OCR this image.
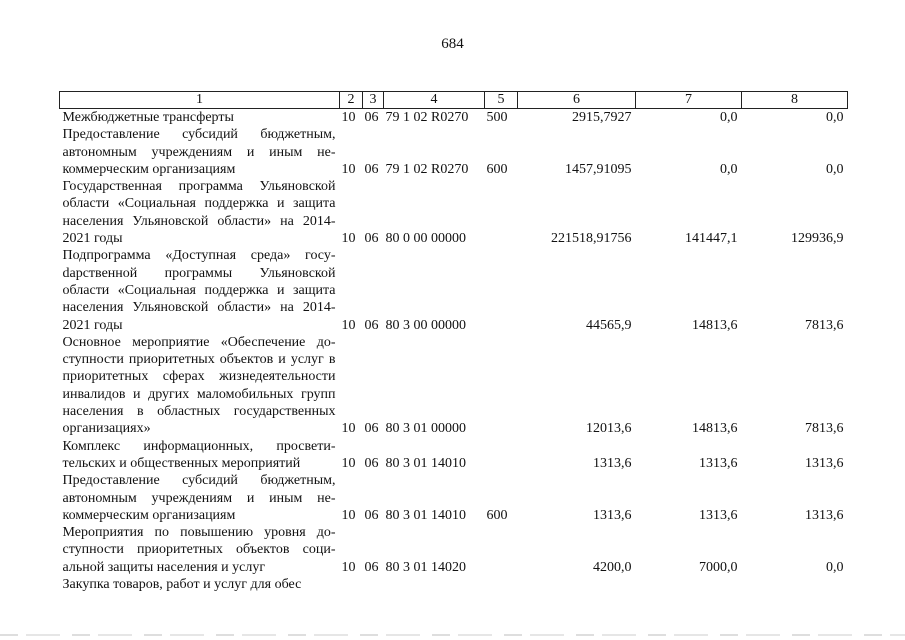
684
1	2	3	4	5	6	7	8
Межбюджетные трансферты	10	06	79 1 02 R0270	500	2915,7927	0,0	0,0
Предоставление субсидий бюджетным, автономным учреждениям и иным некоммерческим организациям	10	06	79 1 02 R0270	600	1457,91095	0,0	0,0
Государственная программа Ульяновской области «Социальная поддержка и защита населения Ульяновской области» на 2014-2021 годы	10	06	80 0 00 00000		221518,91756	141447,1	129936,9
Подпрограмма «Доступная среда» госуdарственной программы Ульяновской области «Социальная поддержка и защита населения Ульяновской области» на 2014-2021 годы	10	06	80 3 00 00000		44565,9	14813,6	7813,6
Основное мероприятие «Обеспечение доступности приоритетных объектов и услуг в приоритетных сферах жизнедеятельности инвалидов и других маломобильных групп населения в областных государственных организациях»	10	06	80 3 01 00000		12013,6	14813,6	7813,6
Комплекс информационных, просветительских и общественных мероприятий	10	06	80 3 01 14010		1313,6	1313,6	1313,6
Предоставление субсидий бюджетным, автономным учреждениям и иным некоммерческим организациям	10	06	80 3 01 14010	600	1313,6	1313,6	1313,6
Мероприятия по повышению уровня доступности приоритетных объектов социальной защиты населения и услуг	10	06	80 3 01 14020		4200,0	7000,0	0,0
Закупка товаров, работ и услуг для обес							
